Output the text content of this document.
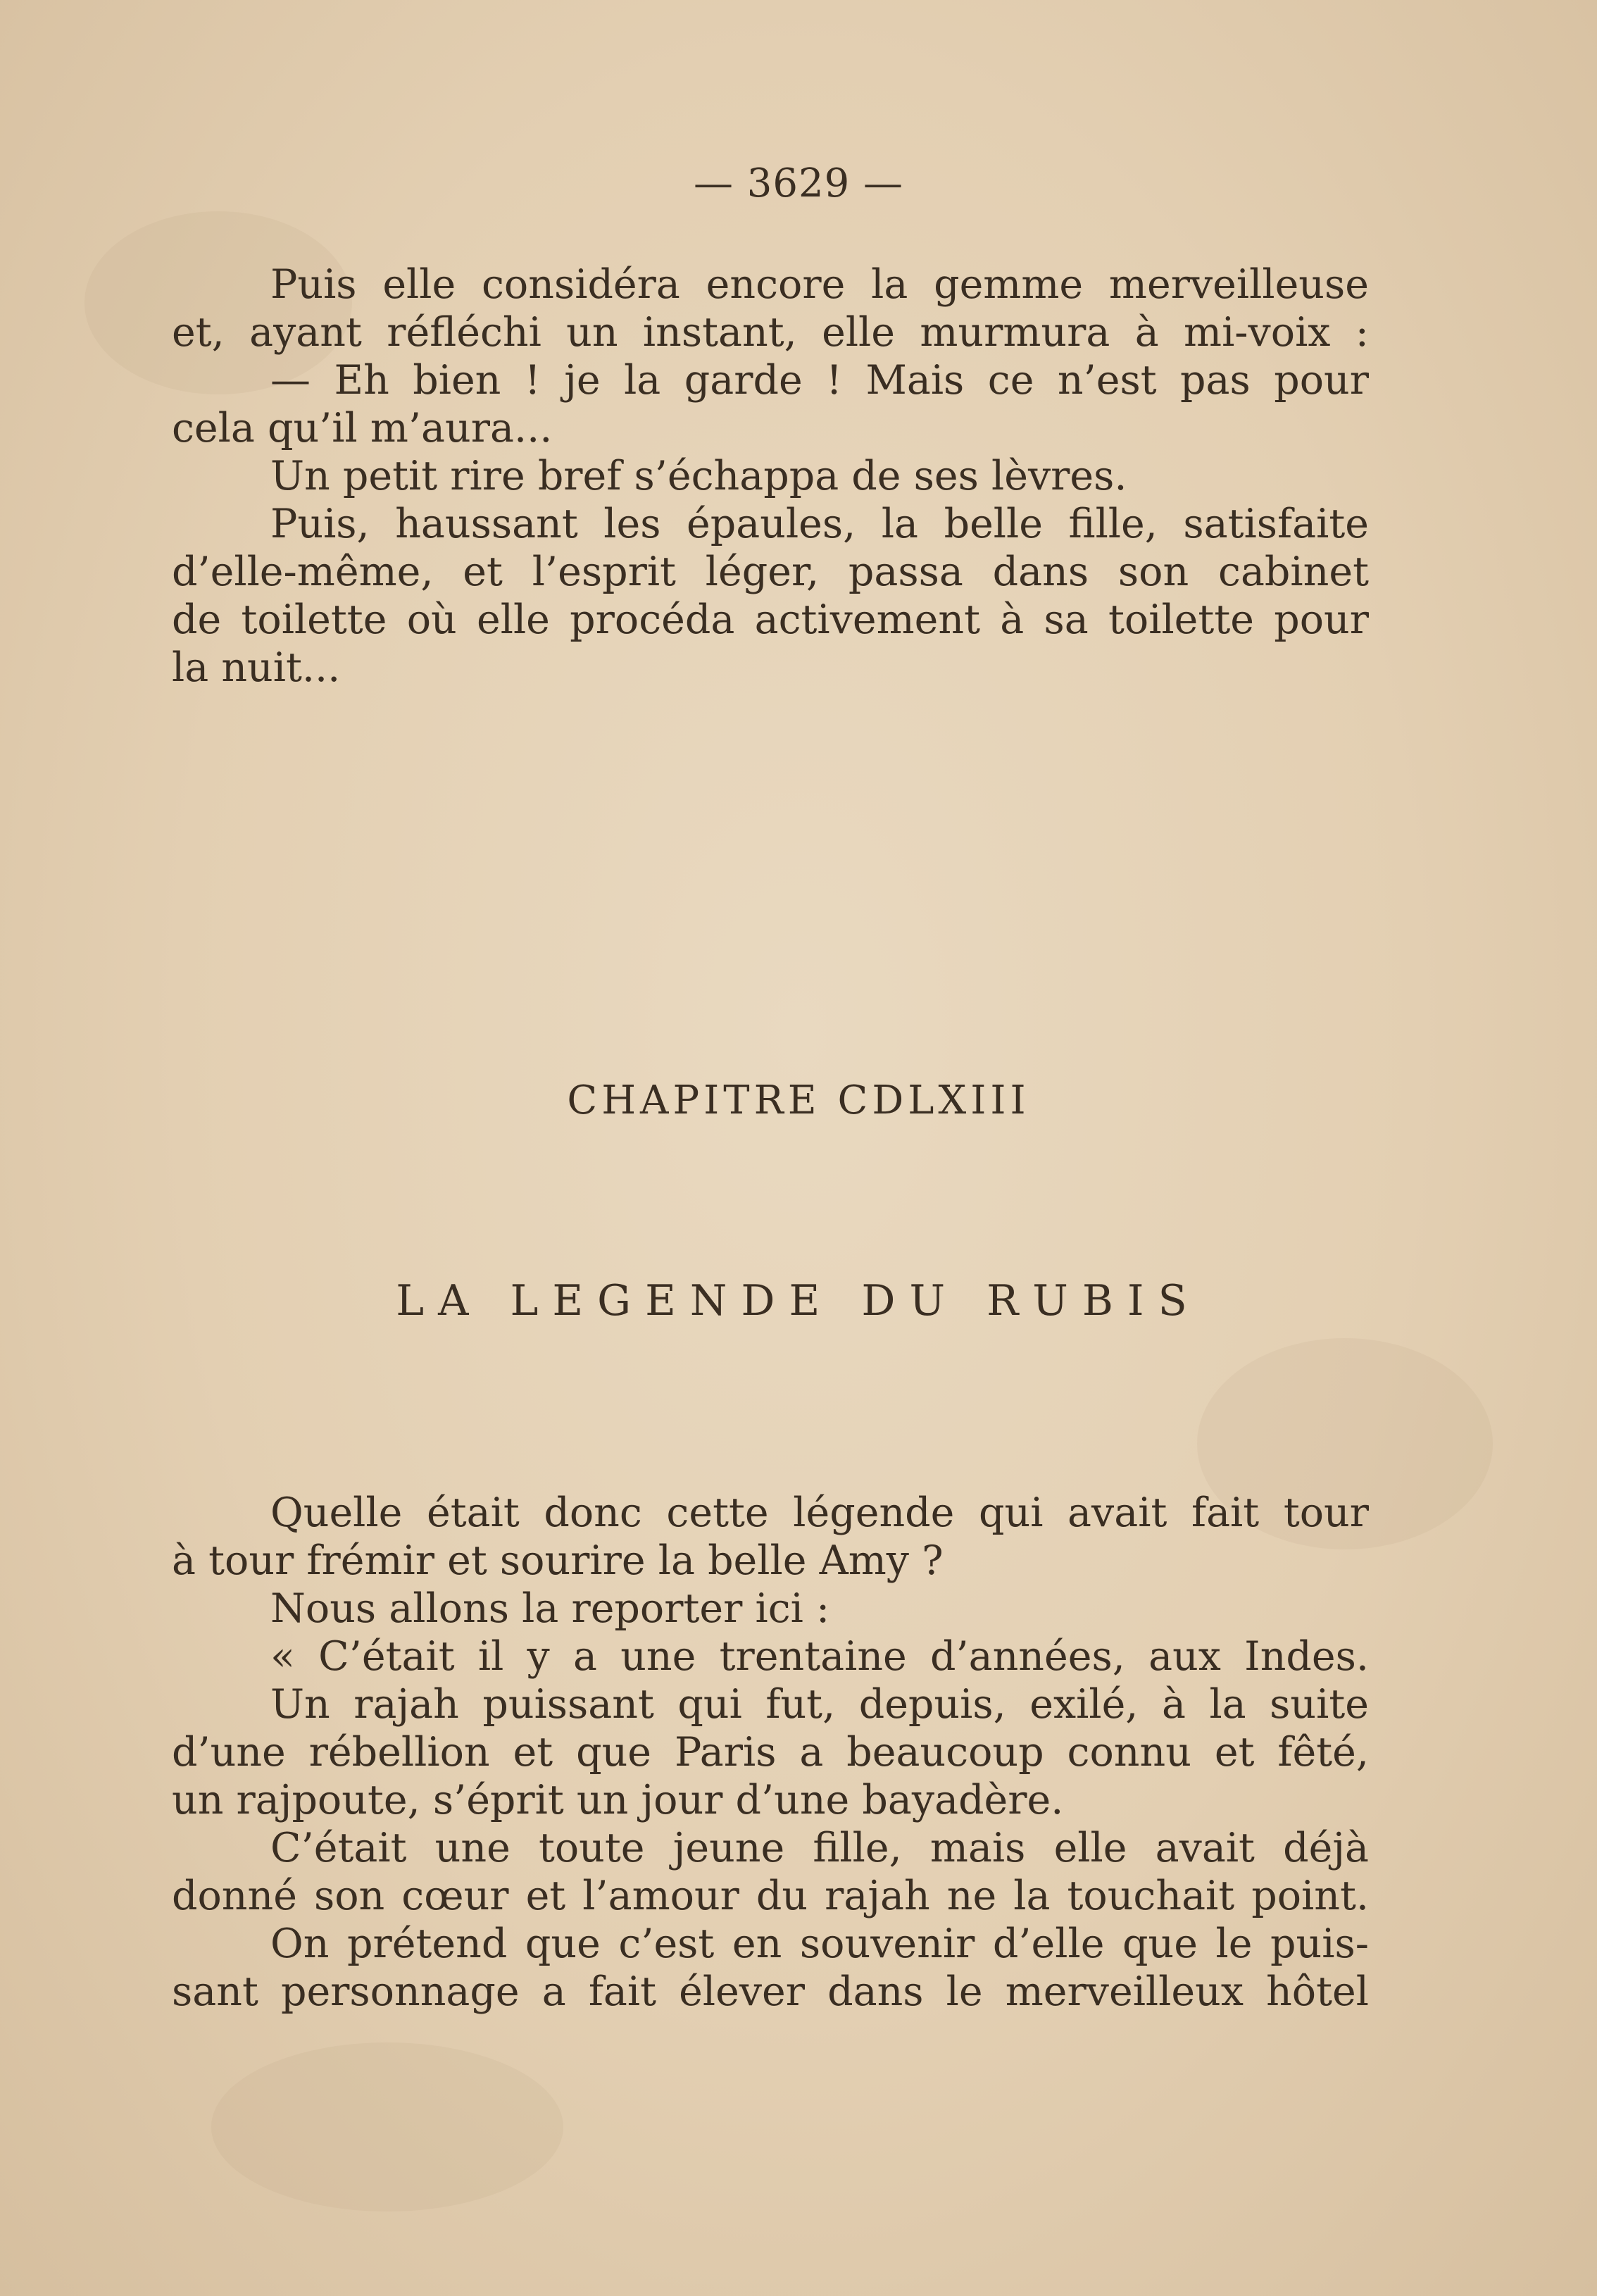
— 3629 —
Puis elle considéra encore la gemme merveilleuse
et, ayant réfléchi un instant, elle murmura à mi-voix :
— Eh bien ! je la garde ! Mais ce n’est pas pour
cela qu’il m’aura...
Un petit rire bref s’échappa de ses lèvres.
Puis, haussant les épaules, la belle fille, satisfaite
d’elle-même, et l’esprit léger, passa dans son cabinet
de toilette où elle procéda activement à sa toilette pour
la nuit...
CHAPITRE CDLXIII
LA LEGENDE DU RUBIS
Quelle était donc cette légende qui avait fait tour
à tour frémir et sourire la belle Amy ?
Nous allons la reporter ici :
« C’était il y a une trentaine d’années, aux Indes.
Un rajah puissant qui fut, depuis, exilé, à la suite
d’une rébellion et que Paris a beaucoup connu et fêté,
un rajpoute, s’éprit un jour d’une bayadère.
C’était une toute jeune fille, mais elle avait déjà
donné son cœur et l’amour du rajah ne la touchait point.
On prétend que c’est en souvenir d’elle que le puis-
sant personnage a fait élever dans le merveilleux hôtel
